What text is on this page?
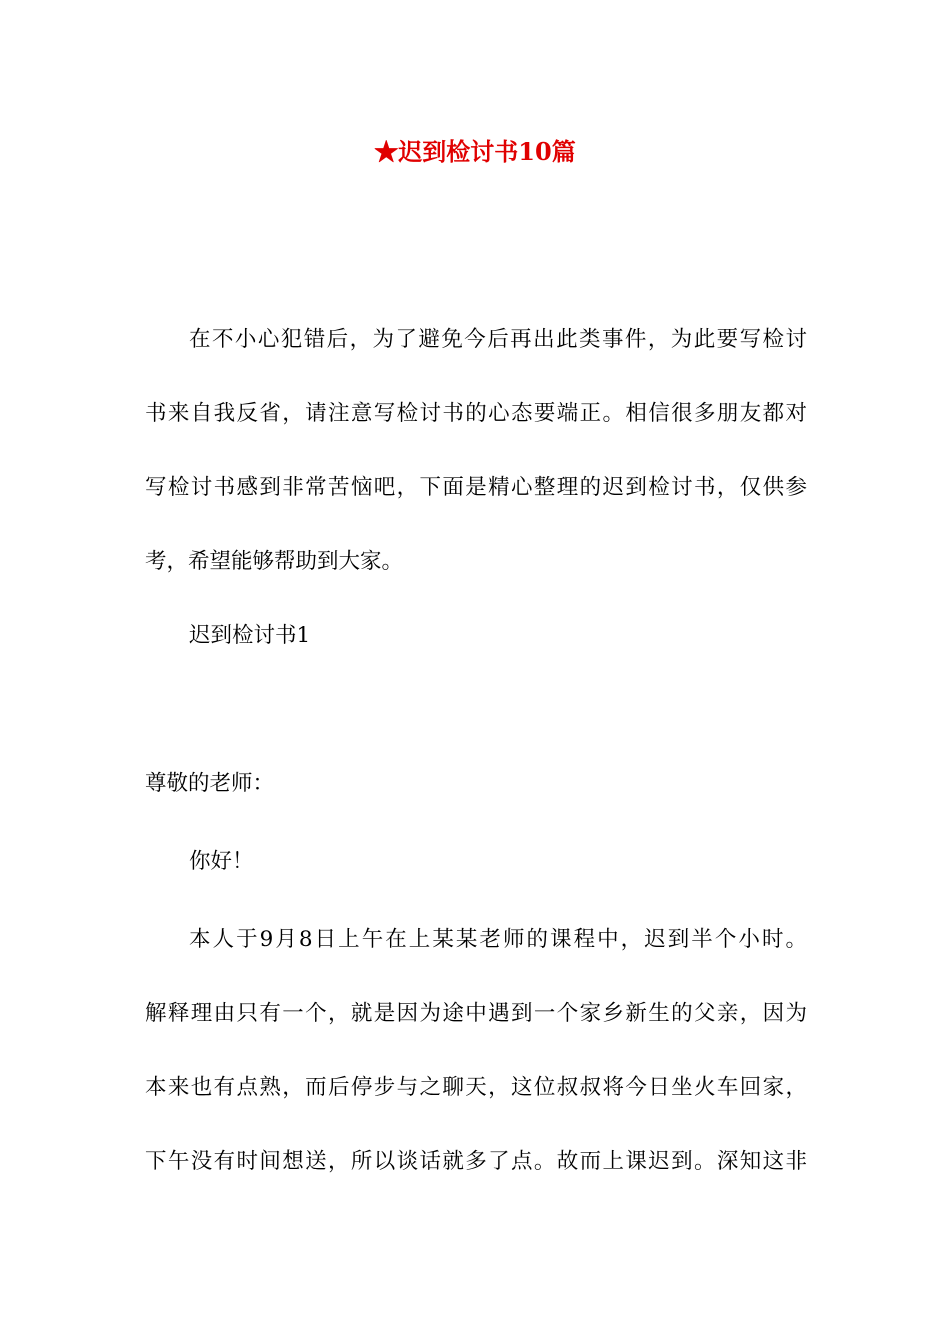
★迟到检讨书10篇
在不小心犯错后，为了避免今后再出此类事件，为此要写检讨
书来自我反省，请注意写检讨书的心态要端正。相信很多朋友都对
写检讨书感到非常苦恼吧，下面是精心整理的迟到检讨书，仅供参
考，希望能够帮助到大家。
迟到检讨书1
尊敬的老师：
你好！
本人于9月8日上午在上某某老师的课程中，迟到半个小时。
解释理由只有一个，就是因为途中遇到一个家乡新生的父亲，因为
本来也有点熟，而后停步与之聊天，这位叔叔将今日坐火车回家，
下午没有时间想送，所以谈话就多了点。故而上课迟到。深知这非
